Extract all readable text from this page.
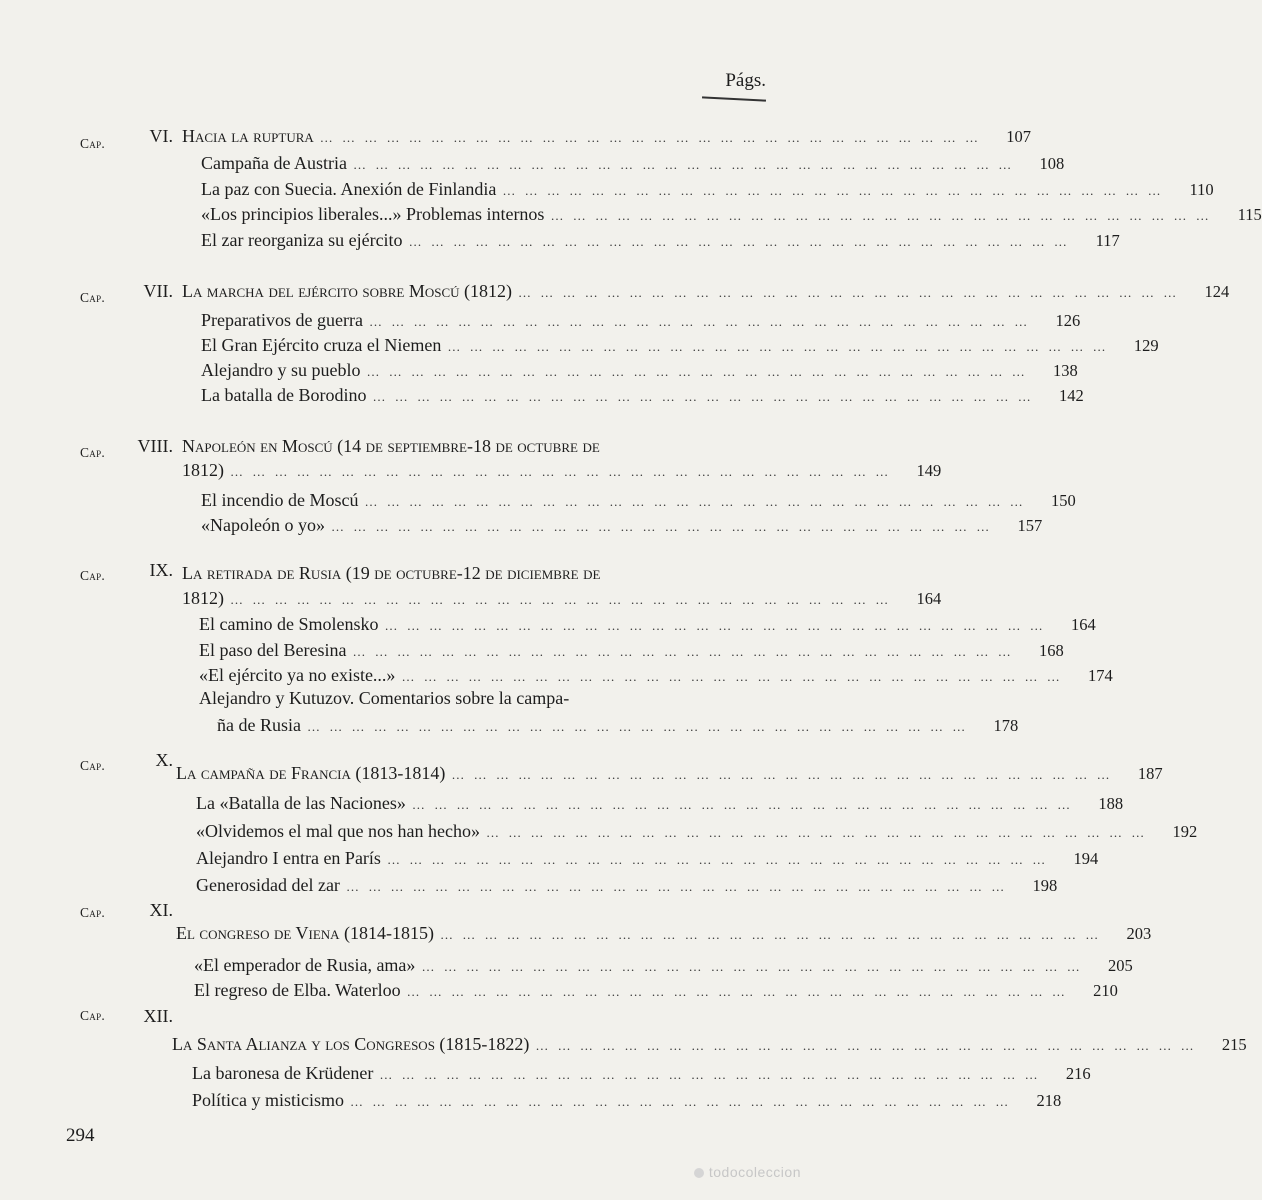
Págs.
Cap. VI. Hacia la ruptura … … … … … … … … … … … … … … … … … … … … … … … … … … … … … …	107
Campaña de Austria … … … … … … … … … … … … … … … … … … … … … … … … … … … … … …	108
La paz con Suecia. Anexión de Finlandia … … … … … … … … … … … … … … … … … … … … … … … … … … … … … …	110
«Los principios liberales...» Problemas internos … … … … … … … … … … … … … … … … … … … … … … … … … … … … … …	115
El zar reorganiza su ejército … … … … … … … … … … … … … … … … … … … … … … … … … … … … … …	117
Cap. VII. La marcha del ejército sobre Moscú (1812) … … … … … … … … … … … … … … … … … … … … … … … … … … … … … …	124
Preparativos de guerra … … … … … … … … … … … … … … … … … … … … … … … … … … … … … …	126
El Gran Ejército cruza el Niemen … … … … … … … … … … … … … … … … … … … … … … … … … … … … … …	129
Alejandro y su pueblo … … … … … … … … … … … … … … … … … … … … … … … … … … … … … …	138
La batalla de Borodino … … … … … … … … … … … … … … … … … … … … … … … … … … … … … …	142
Cap. VIII. Napoleón en Moscú (14 de septiembre-18 de octubre de
1812) … … … … … … … … … … … … … … … … … … … … … … … … … … … … … …	149
El incendio de Moscú … … … … … … … … … … … … … … … … … … … … … … … … … … … … … …	150
«Napoleón o yo» … … … … … … … … … … … … … … … … … … … … … … … … … … … … … …	157
Cap. IX. La retirada de Rusia (19 de octubre-12 de diciembre de
1812) … … … … … … … … … … … … … … … … … … … … … … … … … … … … … …	164
El camino de Smolensko … … … … … … … … … … … … … … … … … … … … … … … … … … … … … …	164
El paso del Beresina … … … … … … … … … … … … … … … … … … … … … … … … … … … … … …	168
«El ejército ya no existe...» … … … … … … … … … … … … … … … … … … … … … … … … … … … … … …	174
Alejandro y Kutuzov. Comentarios sobre la campa-
ña de Rusia … … … … … … … … … … … … … … … … … … … … … … … … … … … … … …	178
Cap.	X.
La campaña de Francia (1813-1814) … … … … … … … … … … … … … … … … … … … … … … … … … … … … … …	187
La «Batalla de las Naciones» … … … … … … … … … … … … … … … … … … … … … … … … … … … … … …	188
«Olvidemos el mal que nos han hecho» … … … … … … … … … … … … … … … … … … … … … … … … … … … … … …	192
Alejandro I entra en París … … … … … … … … … … … … … … … … … … … … … … … … … … … … … …	194
Generosidad del zar … … … … … … … … … … … … … … … … … … … … … … … … … … … … … …	198
Cap. XI.
El congreso de Viena (1814-1815) … … … … … … … … … … … … … … … … … … … … … … … … … … … … … …	203
«El emperador de Rusia, ama» … … … … … … … … … … … … … … … … … … … … … … … … … … … … … …	205
El regreso de Elba. Waterloo … … … … … … … … … … … … … … … … … … … … … … … … … … … … … …	210
Cap. XII.
La Santa Alianza y los Congresos (1815-1822) … … … … … … … … … … … … … … … … … … … … … … … … … … … … … …	215
La baronesa de Krüdener … … … … … … … … … … … … … … … … … … … … … … … … … … … … … …	216
Política y misticismo … … … … … … … … … … … … … … … … … … … … … … … … … … … … … …	218
294
todocoleccion
